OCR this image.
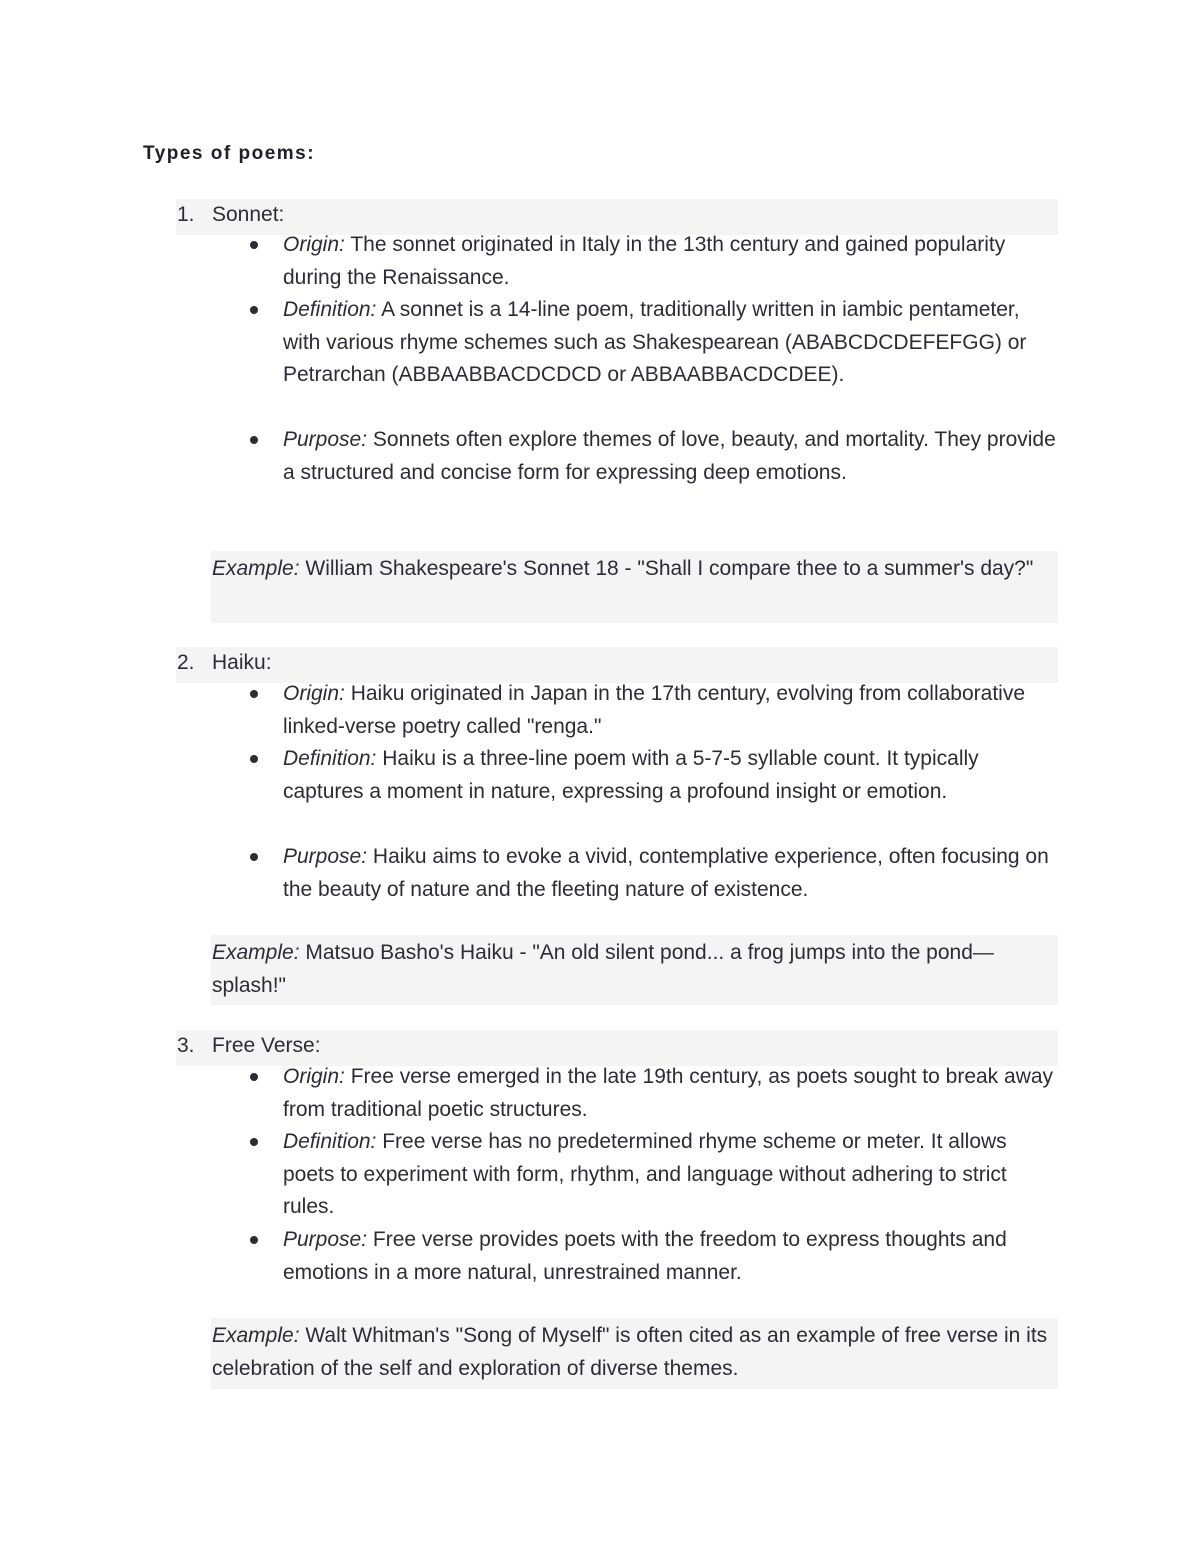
Types of poems:
1. Sonnet:
Origin: The sonnet originated in Italy in the 13th century and gained popularity during the Renaissance.
Definition: A sonnet is a 14-line poem, traditionally written in iambic pentameter, with various rhyme schemes such as Shakespearean (ABABCDCDEFEFGG) or Petrarchan (ABBAABBACDCDCD or ABBAABBACDCDEE).
Purpose: Sonnets often explore themes of love, beauty, and mortality. They provide a structured and concise form for expressing deep emotions.
Example: William Shakespeare's Sonnet 18 - "Shall I compare thee to a summer's day?"
2. Haiku:
Origin: Haiku originated in Japan in the 17th century, evolving from collaborative linked-verse poetry called "renga."
Definition: Haiku is a three-line poem with a 5-7-5 syllable count. It typically captures a moment in nature, expressing a profound insight or emotion.
Purpose: Haiku aims to evoke a vivid, contemplative experience, often focusing on the beauty of nature and the fleeting nature of existence.
Example: Matsuo Basho's Haiku - "An old silent pond... a frog jumps into the pond—splash!"
3. Free Verse:
Origin: Free verse emerged in the late 19th century, as poets sought to break away from traditional poetic structures.
Definition: Free verse has no predetermined rhyme scheme or meter. It allows poets to experiment with form, rhythm, and language without adhering to strict rules.
Purpose: Free verse provides poets with the freedom to express thoughts and emotions in a more natural, unrestrained manner.
Example: Walt Whitman's "Song of Myself" is often cited as an example of free verse in its celebration of the self and exploration of diverse themes.
